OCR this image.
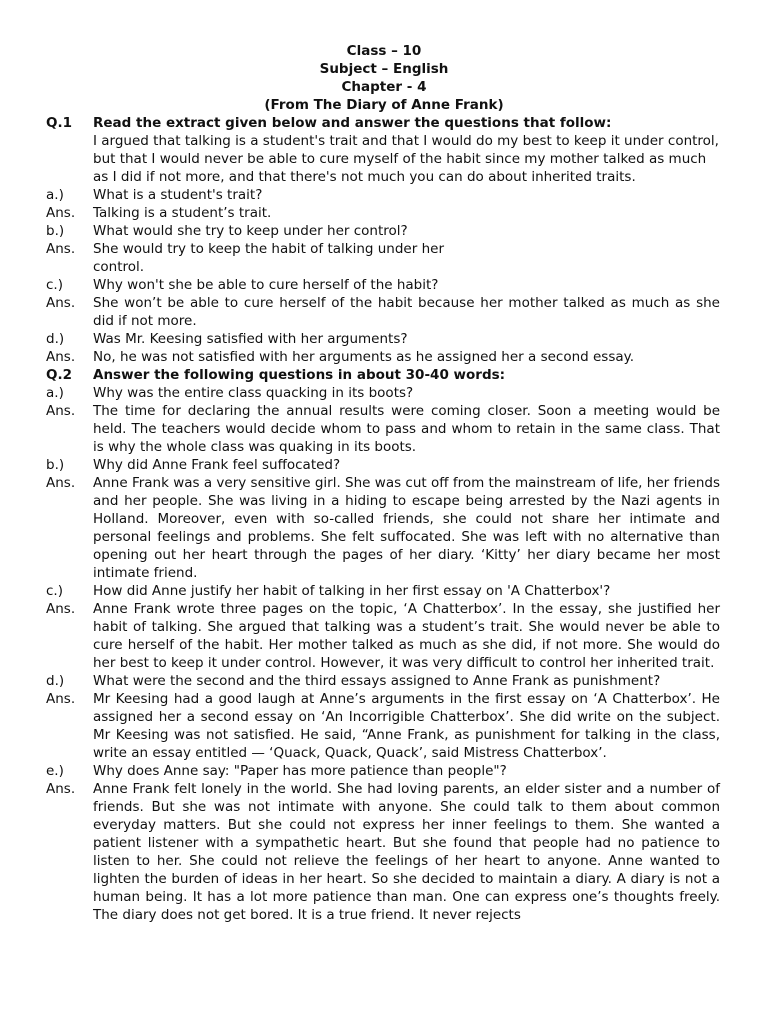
Class – 10
Subject – English
Chapter - 4
(From The Diary of Anne Frank)
Q.1	Read the extract given below and answer the questions that follow:
I argued that talking is a student's trait and that I would do my best to keep it under control, but that I would never be able to cure myself of the habit since my mother talked as much as I did if not more, and that there's not much you can do about inherited traits.
a.)	What is a student's trait?
Ans.	Talking is a student’s trait.
b.)	What would she try to keep under her control?
Ans.	She would try to keep the habit of talking under her control.
c.)	Why won't she be able to cure herself of the habit?
Ans.	She won’t be able to cure herself of the habit because her mother talked as much as she did if not more.
d.)	Was Mr. Keesing satisfied with her arguments?
Ans.	No, he was not satisfied with her arguments as he assigned her a second essay.
Q.2	Answer the following questions in about 30-40 words:
a.)	Why was the entire class quacking in its boots?
Ans.	The time for declaring the annual results were coming closer. Soon a meeting would be held. The teachers would decide whom to pass and whom to retain in the same class. That is why the whole class was quaking in its boots.
b.)	Why did Anne Frank feel suffocated?
Ans.	Anne Frank was a very sensitive girl. She was cut off from the mainstream of life, her friends and her people. She was living in a hiding to escape being arrested by the Nazi agents in Holland. Moreover, even with so-called friends, she could not share her intimate and personal feelings and problems. She felt suffocated. She was left with no alternative than opening out her heart through the pages of her diary. ‘Kitty’ her diary became her most intimate friend.
c.)	How did Anne justify her habit of talking in her first essay on 'A Chatterbox'?
Ans.	Anne Frank wrote three pages on the topic, ‘A Chatterbox’. In the essay, she justified her habit of talking. She argued that talking was a student’s trait. She would never be able to cure herself of the habit. Her mother talked as much as she did, if not more. She would do her best to keep it under control. However, it was very difficult to control her inherited trait.
d.)	What were the second and the third essays assigned to Anne Frank as punishment?
Ans.	Mr Keesing had a good laugh at Anne’s arguments in the first essay on ‘A Chatterbox’. He assigned her a second essay on ‘An Incorrigible Chatterbox’. She did write on the subject. Mr Keesing was not satisfied. He said, “Anne Frank, as punishment for talking in the class, write an essay entitled — ‘Quack, Quack, Quack’, said Mistress Chatterbox’.
e.)	Why does Anne say: "Paper has more patience than people"?
Ans.	Anne Frank felt lonely in the world. She had loving parents, an elder sister and a number of friends. But she was not intimate with anyone. She could talk to them about common everyday matters. But she could not express her inner feelings to them. She wanted a patient listener with a sympathetic heart. But she found that people had no patience to listen to her. She could not relieve the feelings of her heart to anyone. Anne wanted to lighten the burden of ideas in her heart. So she decided to maintain a diary. A diary is not a human being. It has a lot more patience than man. One can express one’s thoughts freely. The diary does not get bored. It is a true friend. It never rejects
